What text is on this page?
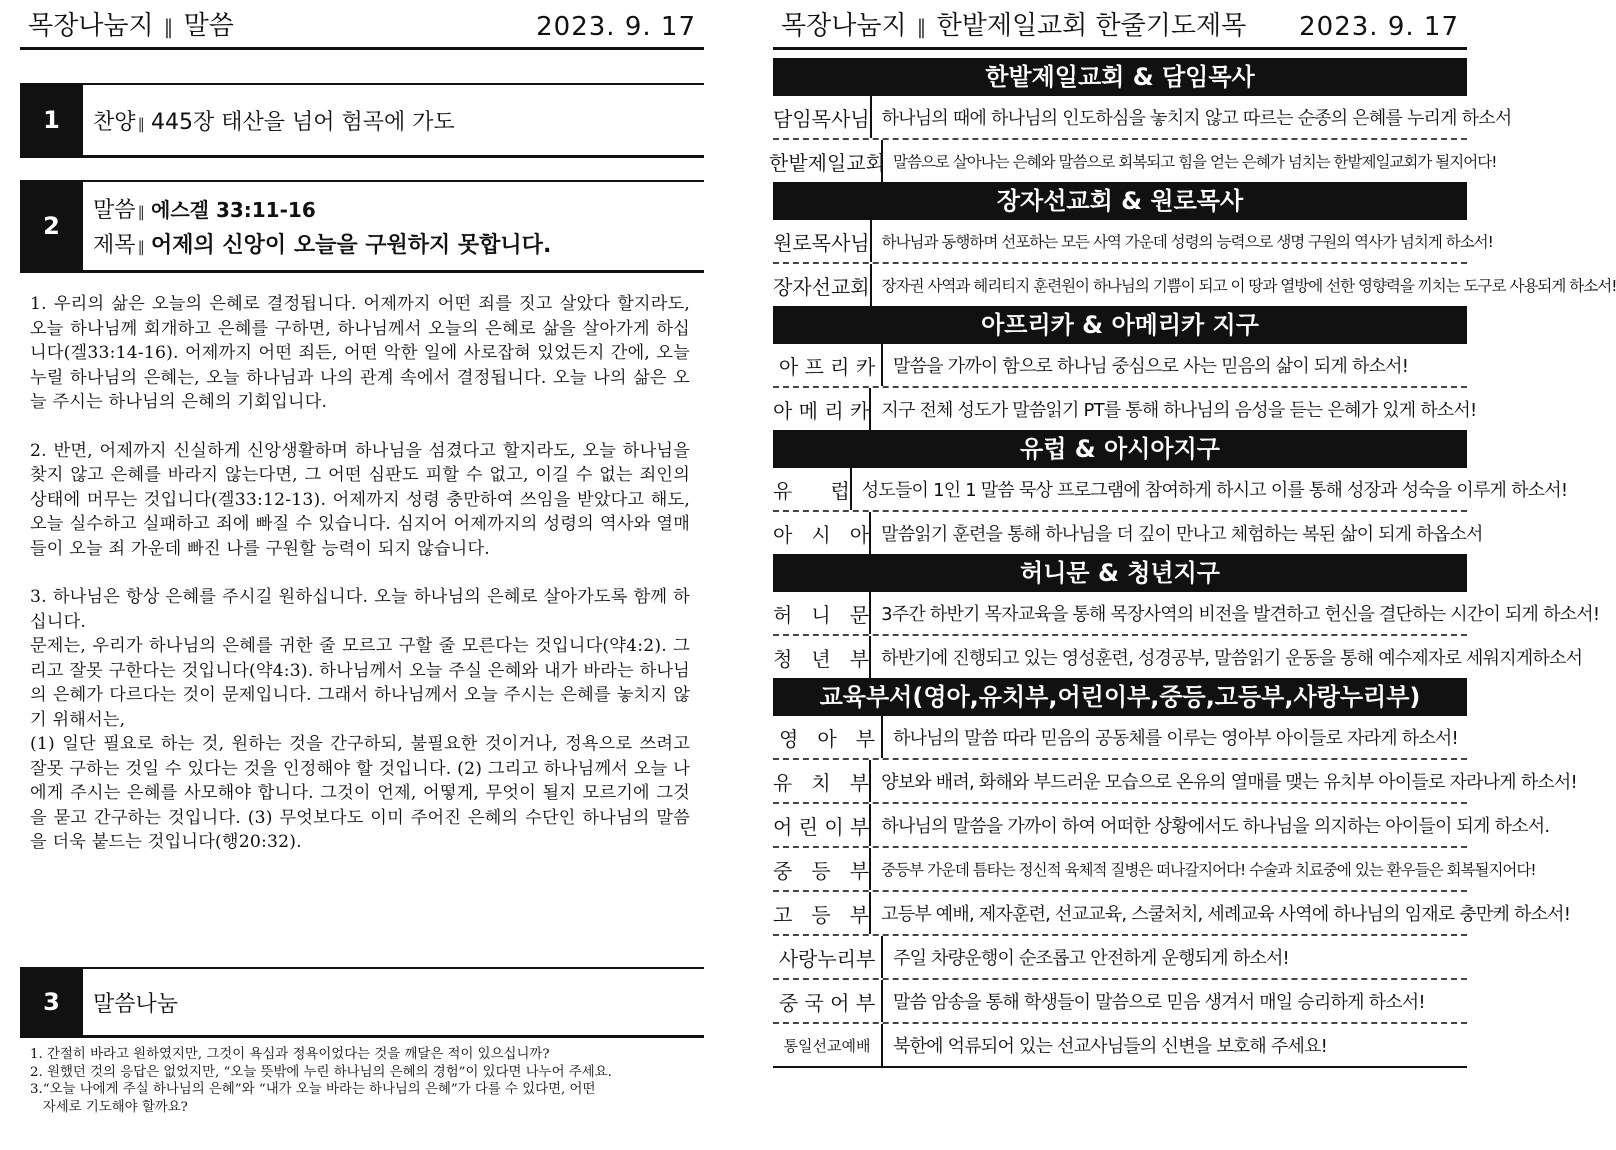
목장나눔지 ∥ 말씀	2023. 9. 17
1	찬양 ∥ 445장 태산을 넘어 험곡에 가도
2
말씀 ∥ 에스겔 33:11-16
제목 ∥ 어제의 신앙이 오늘을 구원하지 못합니다.

1. 우리의 삶은 오늘의 은혜로 결정됩니다. 어제까지 어떤 죄를 짓고 살았다 할지라도, 오늘 하나님께 회개하고 은혜를 구하면, 하나님께서 오늘의 은혜로 삶을 살아가게 하십니다(겔33:14-16). 어제까지 어떤 죄든, 어떤 악한 일에 사로잡혀 있었든지 간에, 오늘 누릴 하나님의 은혜는, 오늘 하나님과 나의 관계 속에서 결정됩니다. 오늘 나의 삶은 오늘 주시는 하나님의 은혜의 기회입니다.

2. 반면, 어제까지 신실하게 신앙생활하며 하나님을 섬겼다고 할지라도, 오늘 하나님을 찾지 않고 은혜를 바라지 않는다면, 그 어떤 심판도 피할 수 없고, 이길 수 없는 죄인의 상태에 머무는 것입니다(겔33:12-13). 어제까지 성령 충만하여 쓰임을 받았다고 해도, 오늘 실수하고 실패하고 죄에 빠질 수 있습니다. 심지어 어제까지의 성령의 역사와 열매들이 오늘 죄 가운데 빠진 나를 구원할 능력이 되지 않습니다.

3. 하나님은 항상 은혜를 주시길 원하십니다. 오늘 하나님의 은혜로 살아가도록 함께 하십니다.

문제는, 우리가 하나님의 은혜를 귀한 줄 모르고 구할 줄 모른다는 것입니다(약4:2). 그리고 잘못 구한다는 것입니다(약4:3). 하나님께서 오늘 주실 은혜와 내가 바라는 하나님의 은혜가 다르다는 것이 문제입니다. 그래서 하나님께서 오늘 주시는 은혜를 놓치지 않기 위해서는,

(1) 일단 필요로 하는 것, 원하는 것을 간구하되, 불필요한 것이거나, 정욕으로 쓰려고 잘못 구하는 것일 수 있다는 것을 인정해야 할 것입니다. (2) 그리고 하나님께서 오늘 나에게 주시는 은혜를 사모해야 합니다. 그것이 언제, 어떻게, 무엇이 될지 모르기에 그것을 묻고 간구하는 것입니다. (3) 무엇보다도 이미 주어진 은혜의 수단인 하나님의 말씀을 더욱 붙드는 것입니다(행20:32).

3	말씀나눔
1. 간절히 바라고 원하였지만, 그것이 욕심과 정욕이었다는 것을 깨달은 적이 있으십니까?
2. 원했던 것의 응답은 없었지만, “오늘 뜻밖에 누린 하나님의 은혜의 경험”이 있다면 나누어 주세요.
3.“오늘 나에게 주실 하나님의 은혜”와 “내가 오늘 바라는 하나님의 은혜”가 다를 수 있다면, 어떤
자세로 기도해야 할까요?
목장나눔지 ∥ 한밭제일교회 한줄기도제목 2023. 9. 17
한밭제일교회 & 담임목사
담임목사님 하나님의 때에 하나님의 인도하심을 놓치지 않고 따르는 순종의 은혜를 누리게 하소서
한밭제일교회 말씀으로 살아나는 은혜와 말씀으로 회복되고 힘을 얻는 은혜가 넘치는 한밭제일교회가 될지어다!
장자선교회 & 원로목사
원로목사님 하나님과 동행하며 선포하는 모든 사역 가운데 성령의 능력으로 생명 구원의 역사가 넘치게 하소서!
장자선교회 장자권 사역과 헤리티지 훈련원이 하나님의 기쁨이 되고 이 땅과 열방에 선한 영향력을 끼치는 도구로 사용되게 하소서!
아프리카 & 아메리카 지구
아 프 리 카 말씀을 가까이 함으로 하나님 중심으로 사는 믿음의 삶이 되게 하소서!
아 메 리 카 지구 전체 성도가 말씀읽기 PT를 통해 하나님의 음성을 듣는 은혜가 있게 하소서!
유럽 & 아시아지구
유      럽 성도들이 1인 1 말씀 묵상 프로그램에 참여하게 하시고 이를 통해 성장과 성숙을 이루게 하소서!
아   시   아 말씀읽기 훈련을 통해 하나님을 더 깊이 만나고 체험하는 복된 삶이 되게 하옵소서
허니문 & 청년지구
허   니   문 3주간 하반기 목자교육을 통해 목장사역의 비전을 발견하고 헌신을 결단하는 시간이 되게 하소서!
청   년   부 하반기에 진행되고 있는 영성훈련, 성경공부, 말씀읽기 운동을 통해 예수제자로 세워지게하소서
교육부서(영아,유치부,어린이부,중등,고등부,사랑누리부)
영   아   부 하나님의 말씀 따라 믿음의 공동체를 이루는 영아부 아이들로 자라게 하소서!
유   치   부 양보와 배려, 화해와 부드러운 모습으로 온유의 열매를 맺는 유치부 아이들로 자라나게 하소서!
어 린 이 부 하나님의 말씀을 가까이 하여 어떠한 상황에서도 하나님을 의지하는 아이들이 되게 하소서.
중   등   부 중등부 가운데 틈타는 정신적 육체적 질병은 떠나갈지어다! 수술과 치료중에 있는 환우들은 회복될지어다!
고   등   부 고등부 예배, 제자훈련, 선교교육, 스쿨처치, 세례교육 사역에 하나님의 임재로 충만케 하소서!
사랑누리부 주일 차량운행이 순조롭고 안전하게 운행되게 하소서!
중 국 어 부 말씀 암송을 통해 학생들이 말씀으로 믿음 생겨서 매일 승리하게 하소서!
통일선교예배	북한에 억류되어 있는 선교사님들의 신변을 보호해 주세요!
